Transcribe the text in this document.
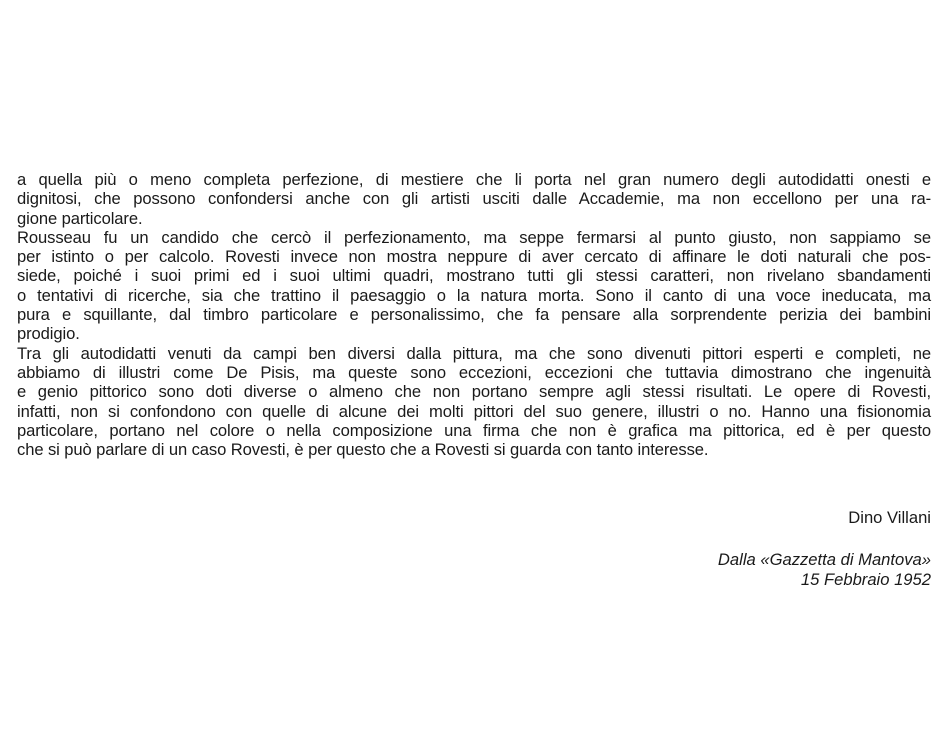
a quella più o meno completa perfezione, di mestiere che li porta nel gran numero degli autodidatti onesti e
dignitosi, che possono confondersi anche con gli artisti usciti dalle Accademie, ma non eccellono per una ra-
gione particolare.
Rousseau fu un candido che cercò il perfezionamento, ma seppe fermarsi al punto giusto, non sappiamo se
per istinto o per calcolo. Rovesti invece non mostra neppure di aver cercato di affinare le doti naturali che pos-
siede, poiché i suoi primi ed i suoi ultimi quadri, mostrano tutti gli stessi caratteri, non rivelano sbandamenti
o tentativi di ricerche, sia che trattino il paesaggio o la natura morta. Sono il canto di una voce ineducata, ma
pura e squillante, dal timbro particolare e personalissimo, che fa pensare alla sorprendente perizia dei bambini
prodigio.
Tra gli autodidatti venuti da campi ben diversi dalla pittura, ma che sono divenuti pittori esperti e completi, ne
abbiamo di illustri come De Pisis, ma queste sono eccezioni, eccezioni che tuttavia dimostrano che ingenuità
e genio pittorico sono doti diverse o almeno che non portano sempre agli stessi risultati. Le opere di Rovesti,
infatti, non si confondono con quelle di alcune dei molti pittori del suo genere, illustri o no. Hanno una fisionomia
particolare, portano nel colore o nella composizione una firma che non è grafica ma pittorica, ed è per questo
che si può parlare di un caso Rovesti, è per questo che a Rovesti si guarda con tanto interesse.
Dino Villani
Dalla «Gazzetta di Mantova»
15 Febbraio 1952
